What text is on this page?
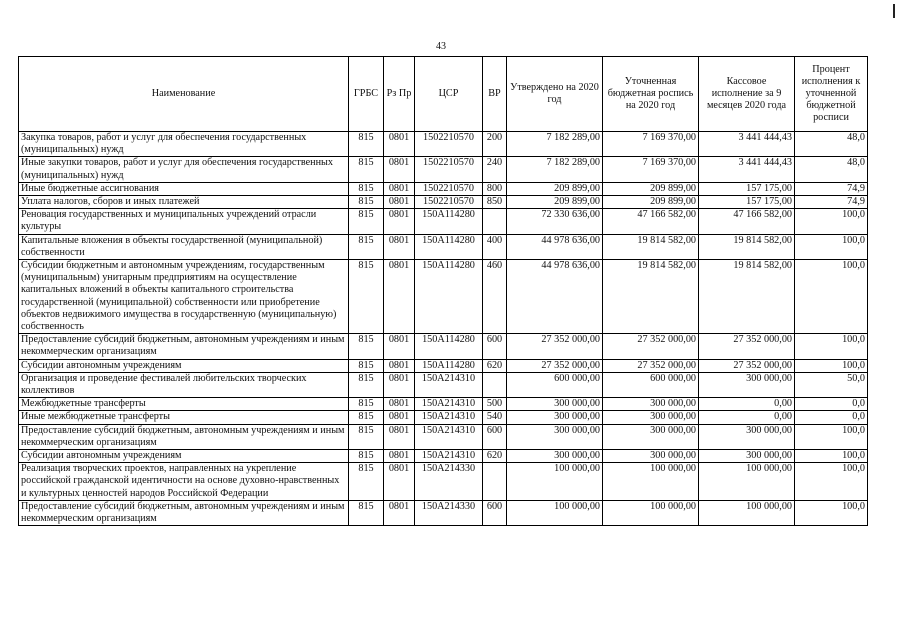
43
Наименование	ГРБС	Рз Пр	ЦСР	ВР	Утверждено на 2020 год	Уточненная бюджетная роспись на 2020 год	Кассовое исполнение за 9 месяцев 2020 года	Процент исполнения к уточненной бюджетной росписи
Закупка товаров, работ и услуг для обеспечения государственных (муниципальных) нужд	815	0801	1502210570	200	7 182 289,00	7 169 370,00	3 441 444,43	48,0
Иные закупки товаров, работ и услуг для обеспечения государственных (муниципальных) нужд	815	0801	1502210570	240	7 182 289,00	7 169 370,00	3 441 444,43	48,0
Иные бюджетные ассигнования	815	0801	1502210570	800	209 899,00	209 899,00	157 175,00	74,9
Уплата налогов, сборов и иных платежей	815	0801	1502210570	850	209 899,00	209 899,00	157 175,00	74,9
Реновация государственных и муниципальных учреждений отрасли культуры	815	0801	150А114280		72 330 636,00	47 166 582,00	47 166 582,00	100,0
Капитальные вложения в объекты государственной (муниципальной) собственности	815	0801	150А114280	400	44 978 636,00	19 814 582,00	19 814 582,00	100,0
Субсидии бюджетным и автономным учреждениям, государственным (муниципальным) унитарным предприятиям на осуществление капитальных вложений в объекты капитального строительства государственной (муниципальной) собственности или приобретение объектов недвижимого имущества в государственную (муниципальную) собственность	815	0801	150А114280	460	44 978 636,00	19 814 582,00	19 814 582,00	100,0
Предоставление субсидий бюджетным, автономным учреждениям и иным некоммерческим организациям	815	0801	150А114280	600	27 352 000,00	27 352 000,00	27 352 000,00	100,0
Субсидии автономным учреждениям	815	0801	150А114280	620	27 352 000,00	27 352 000,00	27 352 000,00	100,0
Организация и проведение фестивалей любительских творческих коллективов	815	0801	150А214310		600 000,00	600 000,00	300 000,00	50,0
Межбюджетные трансферты	815	0801	150А214310	500	300 000,00	300 000,00	0,00	0,0
Иные межбюджетные трансферты	815	0801	150А214310	540	300 000,00	300 000,00	0,00	0,0
Предоставление субсидий бюджетным, автономным учреждениям и иным некоммерческим организациям	815	0801	150А214310	600	300 000,00	300 000,00	300 000,00	100,0
Субсидии автономным учреждениям	815	0801	150А214310	620	300 000,00	300 000,00	300 000,00	100,0
Реализация творческих проектов, направленных на укрепление российской гражданской идентичности на основе духовно-нравственных и культурных ценностей народов Российской Федерации	815	0801	150А214330		100 000,00	100 000,00	100 000,00	100,0
Предоставление субсидий бюджетным, автономным учреждениям и иным некоммерческим организациям	815	0801	150А214330	600	100 000,00	100 000,00	100 000,00	100,0
